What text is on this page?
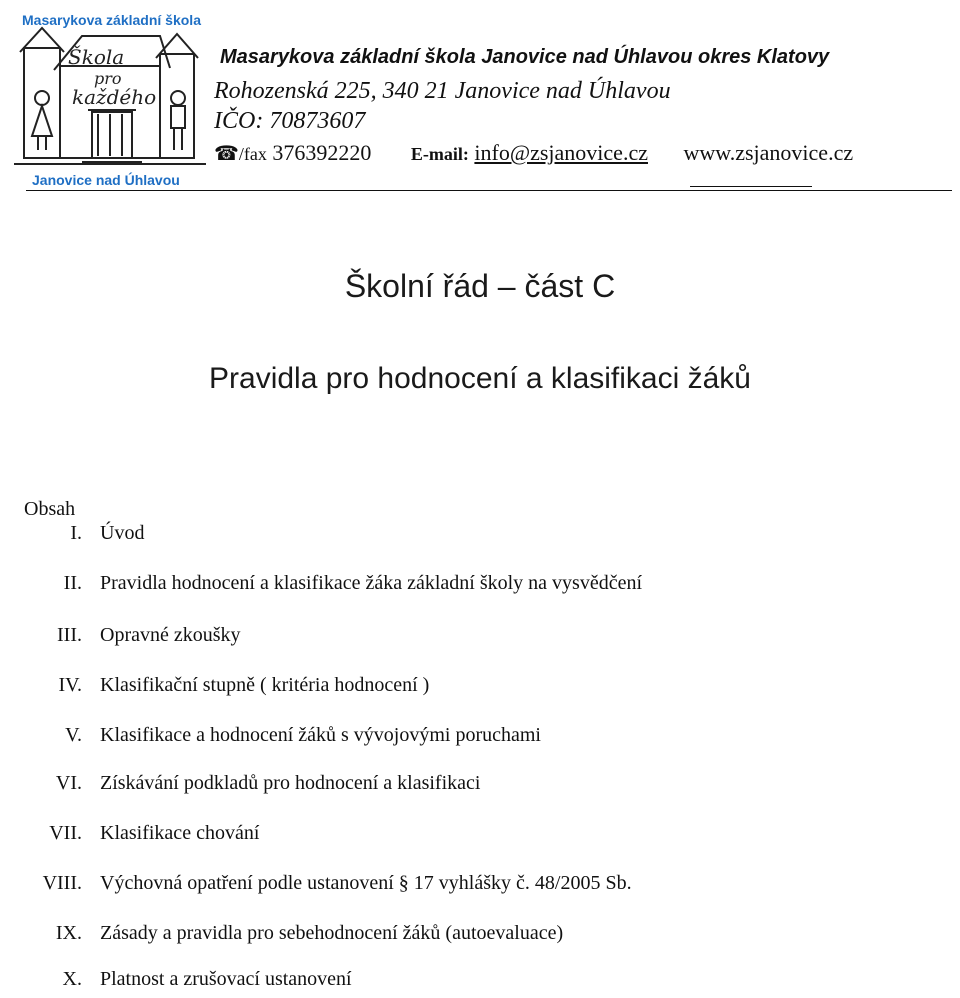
Škola
pro
každého
Masarykova základní škola
Janovice nad Úhlavou
Masarykova základní škola Janovice nad Úhlavou okres Klatovy
Rohozenská 225, 340 21 Janovice nad Úhlavou
IČO: 70873607
☎/fax 376392220 E-mail: info@zsjanovice.cz www.zsjanovice.cz
Školní řád – část C
Pravidla pro hodnocení a klasifikaci žáků
Obsah
I. Úvod
II. Pravidla hodnocení a klasifikace žáka základní školy na vysvědčení
III. Opravné zkoušky
IV. Klasifikační stupně ( kritéria hodnocení )
V. Klasifikace a hodnocení žáků s vývojovými poruchami
VI. Získávání podkladů pro hodnocení a klasifikaci
VII. Klasifikace chování
VIII. Výchovná opatření podle ustanovení § 17 vyhlášky č. 48/2005 Sb.
IX. Zásady a pravidla pro sebehodnocení žáků (autoevaluace)
X. Platnost a zrušovací ustanovení
